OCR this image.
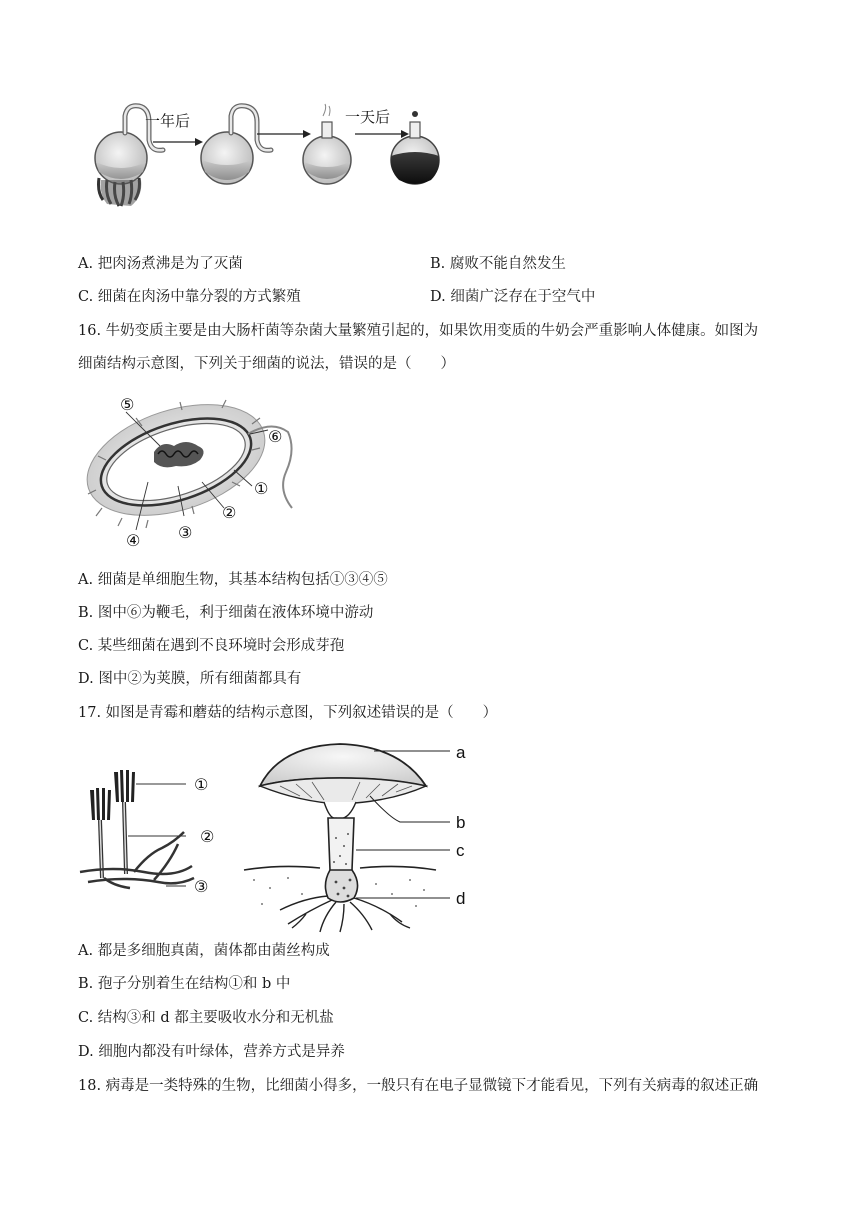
一年后	一天后
A. 把肉汤煮沸是为了灭菌	B. 腐败不能自然发生
C. 细菌在肉汤中靠分裂的方式繁殖	D. 细菌广泛存在于空气中
16. 牛奶变质主要是由大肠杆菌等杂菌大量繁殖引起的，如果饮用变质的牛奶会严重影响人体健康。如图为
细菌结构示意图，下列关于细菌的说法，错误的是（　　）
⑤
⑥
①
②
③
④
A. 细菌是单细胞生物，其基本结构包括①③④⑤
B. 图中⑥为鞭毛，利于细菌在液体环境中游动
C. 某些细菌在遇到不良环境时会形成芽孢
D. 图中②为荚膜，所有细菌都具有
17. 如图是青霉和蘑菇的结构示意图，下列叙述错误的是（　　）
①
②
③
a
b
c
d
A. 都是多细胞真菌，菌体都由菌丝构成
B. 孢子分别着生在结构①和 b 中
C. 结构③和 d 都主要吸收水分和无机盐
D. 细胞内都没有叶绿体，营养方式是异养
18. 病毒是一类特殊的生物，比细菌小得多，一般只有在电子显微镜下才能看见，下列有关病毒的叙述正确
